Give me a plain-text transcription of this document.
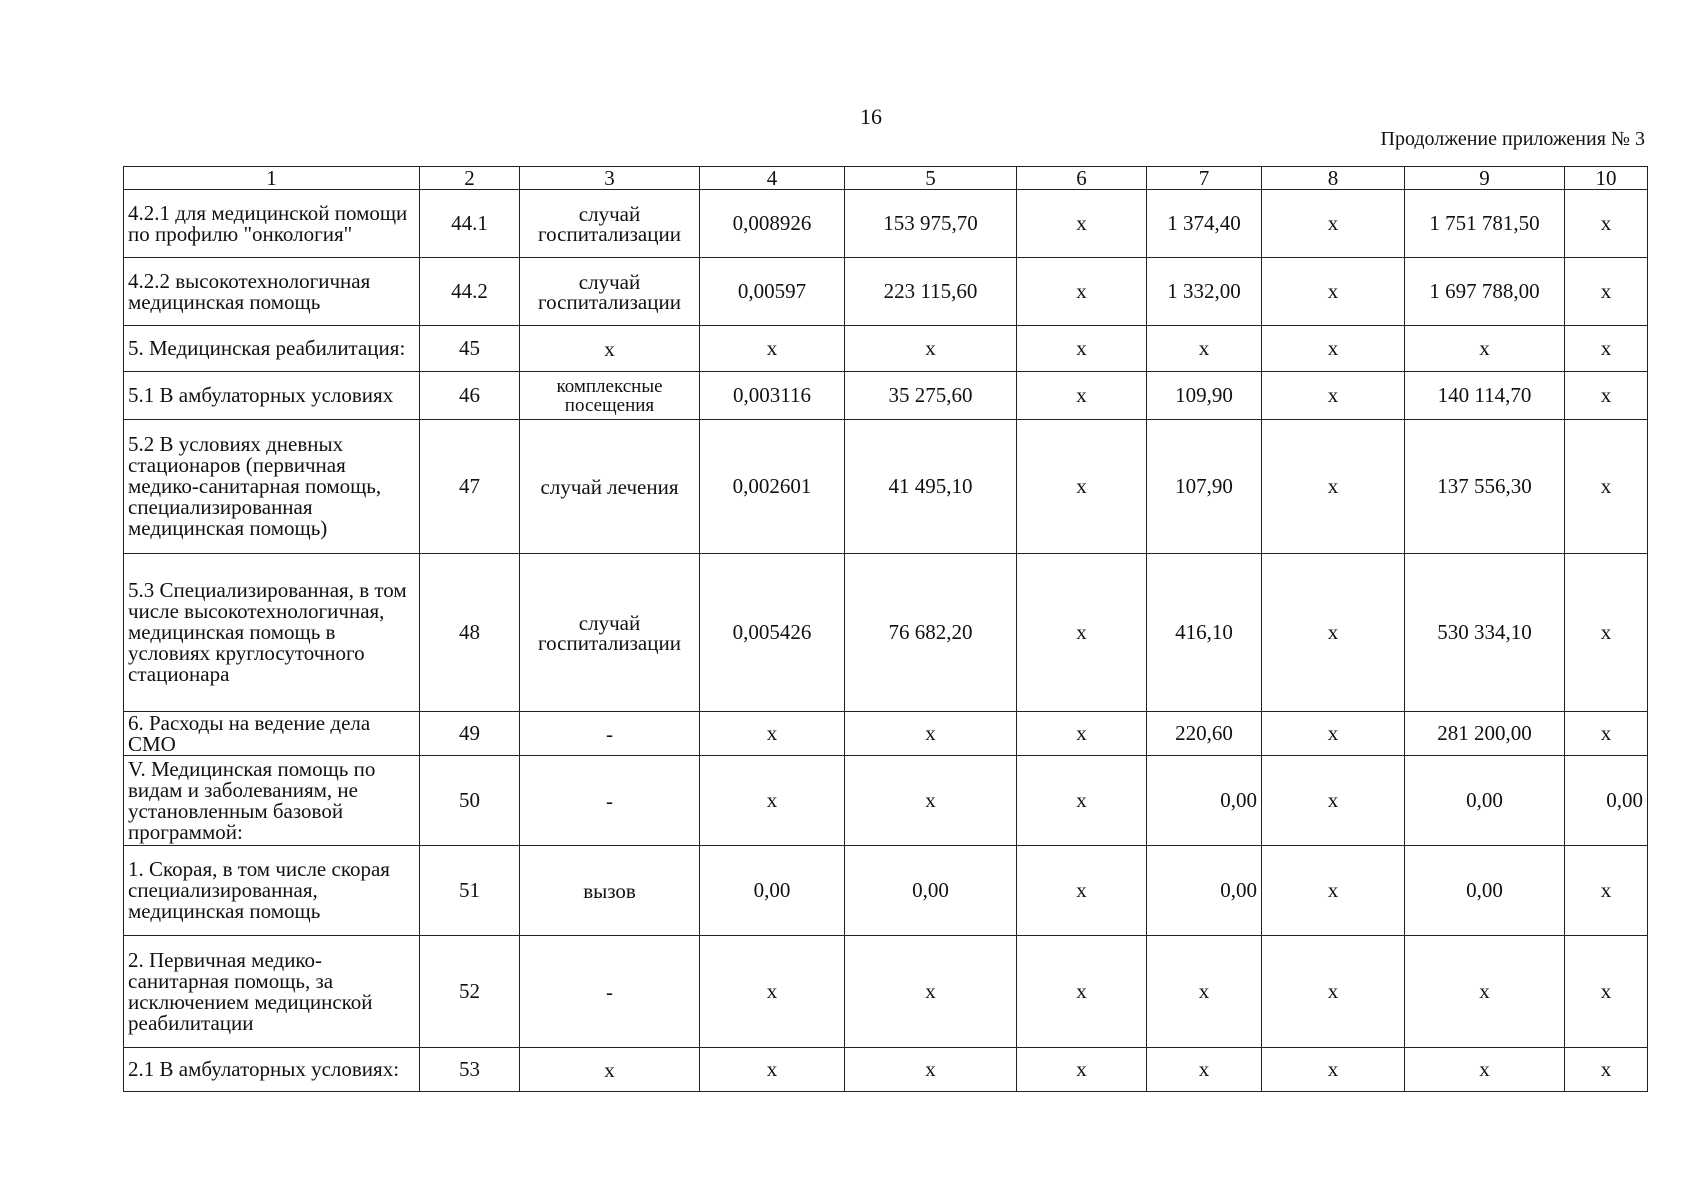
16
Продолжение приложения № 3
1	2	3	4	5	6	7	8	9	10
4.2.1 для медицинской помощи по профилю "онкология"	44.1	случай госпитализации	0,008926	153 975,70	x	1 374,40	x	1 751 781,50	x
4.2.2 высокотехнологичная медицинская помощь	44.2	случай госпитализации	0,00597	223 115,60	x	1 332,00	x	1 697 788,00	x
5. Медицинская реабилитация:	45	x	x	x	x	x	x	x	x
5.1 В амбулаторных условиях	46	комплексные посещения	0,003116	35 275,60	x	109,90	x	140 114,70	x
5.2 В условиях дневных стационаров (первичная медико-санитарная помощь, специализированная медицинская помощь)	47	случай лечения	0,002601	41 495,10	x	107,90	x	137 556,30	x
5.3 Специализированная, в том числе высокотехнологичная, медицинская помощь в условиях круглосуточного стационара	48	случай госпитализации	0,005426	76 682,20	x	416,10	x	530 334,10	x
6. Расходы на ведение дела СМО	49	-	x	x	x	220,60	x	281 200,00	x
V. Медицинская помощь по видам и заболеваниям, не установленным базовой программой:	50	-	x	x	x	0,00	x	0,00	0,00
1. Скорая, в том числе скорая специализированная, медицинская помощь	51	вызов	0,00	0,00	x	0,00	x	0,00	x
2. Первичная медико-санитарная помощь, за исключением медицинской реабилитации	52	-	x	x	x	x	x	x	x
2.1 В амбулаторных условиях:	53	x	x	x	x	x	x	x	x
